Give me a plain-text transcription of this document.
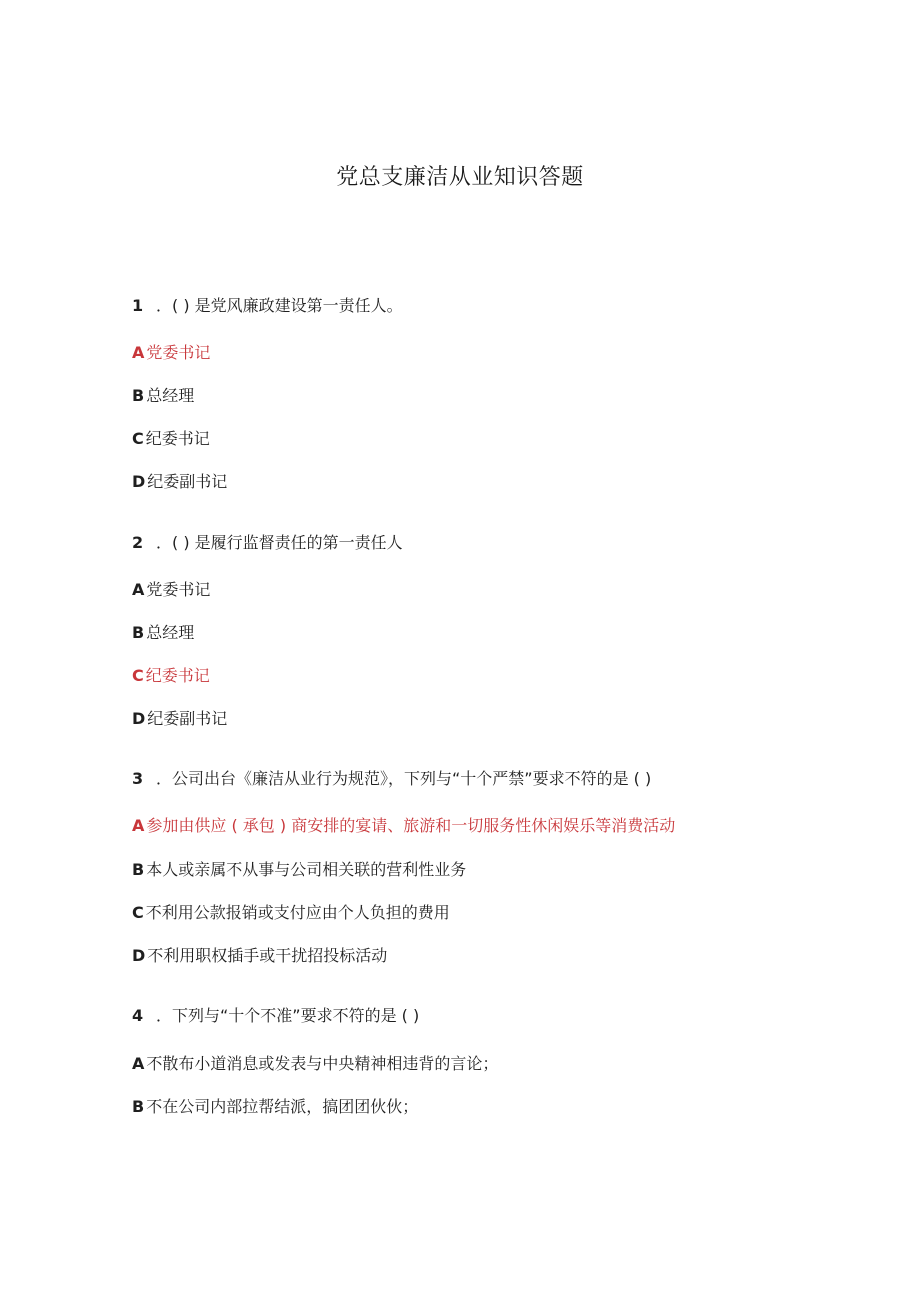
党总支廉洁从业知识答题
1 ．( ) 是党风廉政建设第一责任人。
A 党委书记
B 总经理
C 纪委书记
D 纪委副书记
2 ．( ) 是履行监督责任的第一责任人
A 党委书记
B 总经理
C 纪委书记
D 纪委副书记
3 ．公司出台《廉洁从业行为规范》，下列与“十个严禁”要求不符的是 ( )
A 参加由供应 ( 承包 ) 商安排的宴请、旅游和一切服务性休闲娱乐等消费活动
B 本人或亲属不从事与公司相关联的营利性业务
C 不利用公款报销或支付应由个人负担的费用
D 不利用职权插手或干扰招投标活动
4 ．下列与“十个不准”要求不符的是 ( )
A 不散布小道消息或发表与中央精神相违背的言论；
B 不在公司内部拉帮结派，搞团团伙伙；
